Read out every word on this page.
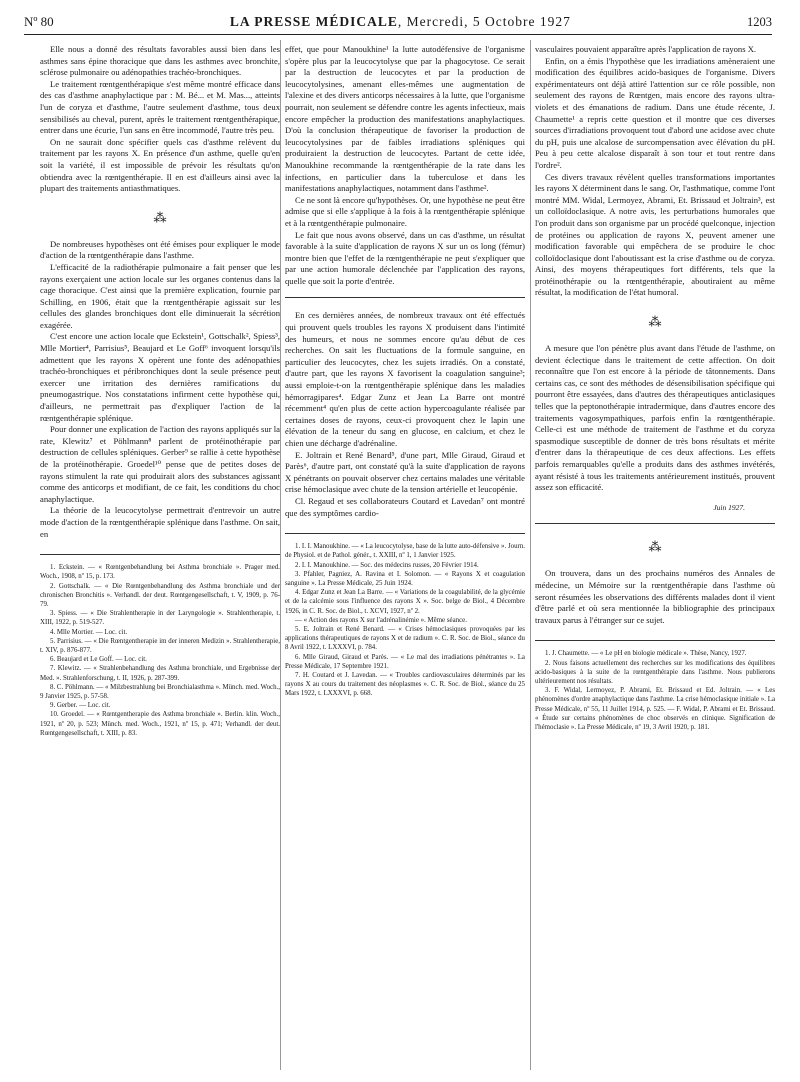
Nº 80	LA PRESSE MÉDICALE, Mercredi, 5 Octobre 1927	1203

Elle nous a donné des résultats favorables aussi bien dans les asthmes sans épine thoracique que dans les asthmes avec bronchite, sclérose pulmonaire ou adénopathies trachéo-bronchiques.

Le traitement rœntgenthérapique s'est même montré efficace dans des cas d'asthme anaphylactique par : M. Bé... et M. Mas..., atteints l'un de coryza et d'asthme, l'autre seulement d'asthme, tous deux sensibilisés au cheval, purent, après le traitement rœntgenthérapique, entrer dans une écurie, l'un sans en être incommodé, l'autre très peu.

On ne saurait donc spécifier quels cas d'asthme relèvent du traitement par les rayons X. En présence d'un asthme, quelle qu'en soit la variété, il est impossible de prévoir les résultats qu'on obtiendra avec la rœntgenthérapie. Il en est d'ailleurs ainsi avec la plupart des traitements antiasthmatiques.

⁂

De nombreuses hypothèses ont été émises pour expliquer le mode d'action de la rœntgenthérapie dans l'asthme.

L'efficacité de la radiothérapie pulmonaire a fait penser que les rayons exerçaient une action locale sur les organes contenus dans la cage thoracique. C'est ainsi que la première explication, fournie par Schilling, en 1906, était que la rœntgenthérapie agissait sur les cellules des glandes bronchiques dont elle diminuerait la sécrétion exagérée.

C'est encore une action locale que Eckstein¹, Gottschalk², Spiess³, Mlle Mortier⁴, Parrisius⁵, Beaujard et Le Goff⁶ invoquent lorsqu'ils admettent que les rayons X opèrent une fonte des adénopathies trachéo-bronchiques et péribronchiques dont la seule présence peut exercer une irritation des dernières ramifications du pneumogastrique. Nos constatations infirment cette hypothèse qui, d'ailleurs, ne permettrait pas d'expliquer l'action de la rœntgenthérapie splénique.

Pour donner une explication de l'action des rayons appliqués sur la rate, Klewitz⁷ et Pöhlmann⁸ parlent de protéinothérapie par destruction de cellules spléniques. Gerber⁹ se rallie à cette hypothèse de la protéinothérapie. Groedel¹⁰ pense que de petites doses de rayons stimulent la rate qui produirait alors des substances agissant comme des anticorps et modifiant, de ce fait, les conditions du choc anaphylactique.

La théorie de la leucocytolyse permettrait d'entrevoir un autre mode d'action de la rœntgenthérapie splénique dans l'asthme. On sait, en

1. Eckstein. — « Rœntgenbehandlung bei Asthma bronchiale ». Prager med. Woch., 1908, nº 15, p. 173.

2. Gottschalk. — « Die Rœntgenbehandlung des Asthma bronchiale und der chronischen Bronchitis ». Verhandl. der deut. Rœntgengesellschaft, t. V, 1909, p. 76-79.

3. Spiess. — « Die Strahlentherapie in der Laryngologie ». Strahlentherapie, t. XIII, 1922, p. 519-527.

4. Mlle Mortier. — Loc. cit.

5. Parrisius. — « Die Rœntgentherapie im der inneren Medizin ». Strahlentherapie, t. XIV, p. 876-877.

6. Beaujard et Le Goff. — Loc. cit.

7. Klewitz. — « Strahlenbehandlung des Asthma bronchiale, und Ergebnisse der Med. ». Strahlenforschung, t. II, 1926, p. 287-399.

8. C. Pöhlmann. — « Milzbestrahlung bei Bronchialasthma ». Münch. med. Woch., 9 Janvier 1925, p. 57-58.

9. Gerber. — Loc. cit.

10. Groedel. — « Rœntgentherapie des Asthma bronchiale ». Berlin. klin. Woch., 1921, nº 20, p. 523; Münch. med. Woch., 1921, nº 15, p. 471; Verhandl. der deut. Rœntgengesellschaft, t. XIII, p. 83.

effet, que pour Manoukhine¹ la lutte autodéfensive de l'organisme s'opère plus par la leucocytolyse que par la phagocytose. Ce serait par la destruction de leucocytes et par la production de leucocytolysines, amenant elles-mêmes une augmentation de l'alexine et des divers anticorps nécessaires à la lutte, que l'organisme pourrait, non seulement se défendre contre les agents infectieux, mais encore empêcher la production des manifestations anaphylactiques. D'où la conclusion thérapeutique de favoriser la production de leucocytolysines par de faibles irradiations spléniques qui produiraient la destruction de leucocytes. Partant de cette idée, Manoukhine recommande la rœntgenthérapie de la rate dans les infections, en particulier dans la tuberculose et dans les manifestations anaphylactiques, notamment dans l'asthme².

Ce ne sont là encore qu'hypothèses. Or, une hypothèse ne peut être admise que si elle s'applique à la fois à la rœntgenthérapie splénique et à la rœntgenthérapie pulmonaire.

Le fait que nous avons observé, dans un cas d'asthme, un résultat favorable à la suite d'application de rayons X sur un os long (fémur) montre bien que l'effet de la rœntgenthérapie ne peut s'expliquer que par une action humorale déclenchée par l'application des rayons, quelle que soit la porte d'entrée.

En ces dernières années, de nombreux travaux ont été effectués qui prouvent quels troubles les rayons X produisent dans l'intimité des humeurs, et nous ne sommes encore qu'au début de ces recherches. On sait les fluctuations de la formule sanguine, en particulier des leucocytes, chez les sujets irradiés. On a constaté, d'autre part, que les rayons X favorisent la coagulation sanguine³; aussi emploie-t-on la rœntgenthérapie splénique dans les maladies hémorragipares⁴. Edgar Zunz et Jean La Barre ont montré récemment⁴ qu'en plus de cette action hypercoagulante réalisée par certaines doses de rayons, ceux-ci provoquent chez le lapin une élévation de la teneur du sang en glucose, en calcium, et chez le chien une décharge d'adrénaline.

E. Joltrain et René Benard⁵, d'une part, Mlle Giraud, Giraud et Parès⁶, d'autre part, ont constaté qu'à la suite d'application de rayons X pénétrants on pouvait observer chez certains malades une véritable crise hémoclasique avec chute de la tension artérielle et leucopénie.

Cl. Regaud et ses collaborateurs Coutard et Lavedan⁷ ont montré que des symptômes cardio-

1. I. I. Manoukhine. — « La leucocytolyse, base de la lutte auto-défensive ». Journ. de Physiol. et de Pathol. génér., t. XXIII, nº 1, 1 Janvier 1925.

2. I. I. Manoukhine. — Soc. des médecins russes, 20 Février 1914.

3. Pfahler, Pagniez, A. Ravina et I. Solomon. — « Rayons X et coagulation sanguine ». La Presse Médicale, 25 Juin 1924.

4. Edgar Zunz et Jean La Barre. — « Variations de la coagulabilité, de la glycémie et de la calcémie sous l'influence des rayons X ». Soc. belge de Biol., 4 Décembre 1926, in C. R. Soc. de Biol., t. XCVI, 1927, nº 2.

— « Action des rayons X sur l'adrénalinémie ». Même séance.

5. E. Joltrain et René Benard. — « Crises hémoclasiques provoquées par les applications thérapeutiques de rayons X et de radium ». C. R. Soc. de Biol., séance du 8 Avril 1922, t. LXXXVI, p. 784.

6. Mlle Giraud, Giraud et Parès. — « Le mal des irradiations pénétrantes ». La Presse Médicale, 17 Septembre 1921.

7. H. Coutard et J. Lavedan. — « Troubles cardiovasculaires déterminés par les rayons X au cours du traitement des néoplasmes ». C. R. Soc. de Biol., séance du 25 Mars 1922, t. LXXXVI, p. 668.

vasculaires pouvaient apparaître après l'application de rayons X.

Enfin, on a émis l'hypothèse que les irradiations amèneraient une modification des équilibres acido-basiques de l'organisme. Divers expérimentateurs ont déjà attiré l'attention sur ce rôle possible, non seulement des rayons de Rœntgen, mais encore des rayons ultra-violets et des émanations de radium. Dans une étude récente, J. Chaumette¹ a repris cette question et il montre que ces diverses sources d'irradiations provoquent tout d'abord une acidose avec chute du pH, puis une alcalose de surcompensation avec élévation du pH. Peu à peu cette alcalose disparaît à son tour et tout rentre dans l'ordre².

Ces divers travaux révèlent quelles transformations importantes les rayons X déterminent dans le sang. Or, l'asthmatique, comme l'ont montré MM. Widal, Lermoyez, Abrami, Et. Brissaud et Joltrain³, est un colloïdoclasique. A notre avis, les perturbations humorales que l'on produit dans son organisme par un procédé quelconque, injection de protéines ou application de rayons X, peuvent amener une modification favorable qui empêchera de se produire le choc colloïdoclasique dont l'aboutissant est la crise d'asthme ou de coryza. Ainsi, des moyens thérapeutiques fort différents, tels que la protéinothérapie ou la rœntgenthérapie, aboutiraient au même résultat, la modification de l'état humoral.

⁂

A mesure que l'on pénètre plus avant dans l'étude de l'asthme, on devient éclectique dans le traitement de cette affection. On doit reconnaître que l'on est encore à la période de tâtonnements. Dans certains cas, ce sont des méthodes de désensibilisation spécifique qui pourront être essayées, dans d'autres des thérapeutiques anticlasiques telles que la peptonothérapie intradermique, dans d'autres encore des traitements vagosympathiques, parfois enfin la rœntgenthérapie. Celle-ci est une méthode de traitement de l'asthme et du coryza spasmodique susceptible de donner de très bons résultats et mérite d'entrer dans la thérapeutique de ces deux affections. Les effets parfois remarquables qu'elle a produits dans des asthmes invétérés, ayant résisté à tous les traitements antérieurement institués, prouvent assez son efficacité.

Juin 1927.
⁂

On trouvera, dans un des prochains numéros des Annales de médecine, un Mémoire sur la rœntgenthérapie dans l'asthme où seront résumées les observations des différents malades dont il vient d'être parlé et où sera mentionnée la bibliographie des principaux travaux parus à l'étranger sur ce sujet.

1. J. Chaumette. — « Le pH en biologie médicale ». Thèse, Nancy, 1927.

2. Nous faisons actuellement des recherches sur les modifications des équilibres acido-basiques à la suite de la rœntgenthérapie dans l'asthme. Nous publierons ultérieurement nos résultats.

3. F. Widal, Lermoyez, P. Abrami, Et. Brissaud et Ed. Joltrain. — « Les phénomènes d'ordre anaphylactique dans l'asthme. La crise hémoclasique initiale ». La Presse Médicale, nº 55, 11 Juillet 1914, p. 525. — F. Widal, P. Abrami et Et. Brissaud. « Étude sur certains phénomènes de choc observés en clinique. Signification de l'hémoclasie ». La Presse Médicale, nº 19, 3 Avril 1920, p. 181.
